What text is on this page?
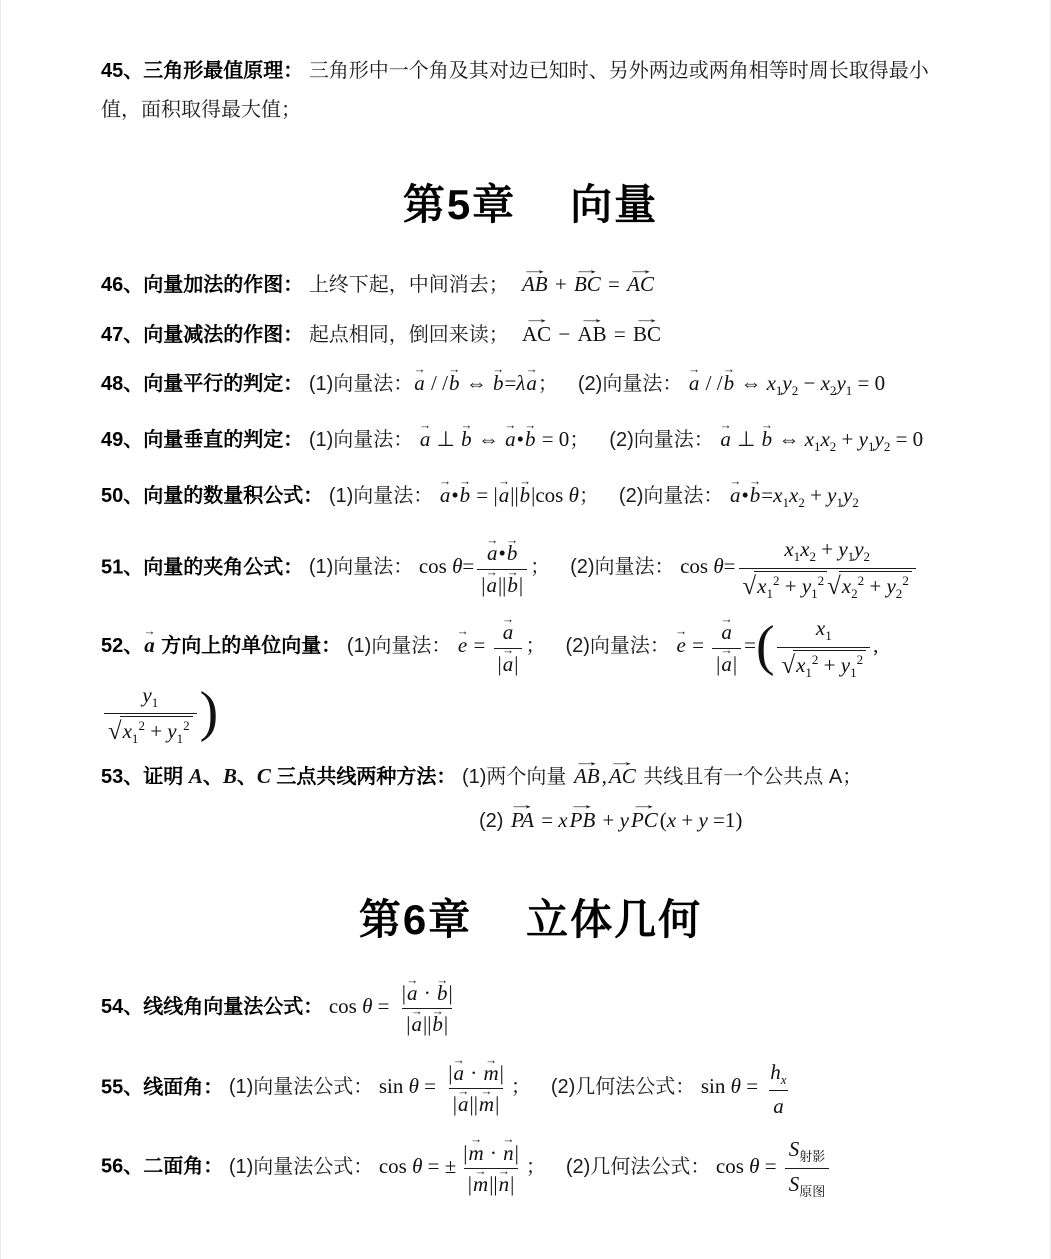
45、三角形最值原理： 三角形中一个角及其对边已知时、另外两边或两角相等时周长取得最小值，面积取得最大值；

第5章 向量

46、向量加法的作图： 上终下起，中间消去；  AB → + BC → = AC →

47、向量减法的作图： 起点相同，倒回来读；  AC → − AB → = BC →

48、向量平行的判定： (1)向量法：a → / /b → ⇔ b →=λa →； (2)向量法： a → / /b → ⇔ $x_1y_2 - x_2y_1 = 0$

49、向量垂直的判定： (1)向量法： a → ⊥ b → ⇔ a →•b → = 0； (2)向量法： a → ⊥ b → ⇔ $x_1x_2 + y_1y_2 = 0$

50、向量的数量积公式： (1)向量法： a →•b → = |a →||b →|cos θ； (2)向量法： a →•b $\to=x_1x_2 + y_1y_2$

51、向量的夹角公式： (1)向量法： $\cos \theta= \frac{a \to•b \to}{|a \to||b \to|}$ ； (2)向量法： $\cos \theta= \frac{x_1x_2 + y_1y_2}{√x_1^2 + y_1^2 √x_2^2 + y_2^2}$

52、a → 方向上的单位向量： (1)向量法： e → = $\frac{a \to}{|a \to|}$ ； (2)向量法： e → = $\frac{a \to}{|a \to|}$ =( $\frac{x_1}{√x_1^2 + y_1^2}$ ,
$\frac{y_1}{√x_1^2 + y_1^2}$ )

53、证明 A、B、C 三点共线两种方法： (1)两个向量 AB →,AC → 共线且有一个公共点 A；

(2) PA → = xPB → + yPC →(x + y =1)

第6章 立体几何

54、线线角向量法公式： $\cos \theta = \frac{|a \to \cdot b \to|}{|a \to||b \to|}$

55、线面角： (1)向量法公式： $\sin \theta = \frac{|a \to \cdot m \to|}{|a \to||m \to|}$ ； (2)几何法公式： $\sin \theta = \frac{h_x}{a}$

56、二面角： (1)向量法公式： cos θ = ± $\frac{|m \to \cdot n \to|}{|m \to||n \to|}$ ； (2)几何法公式： $\cos \theta = \frac{S_{射影}}{S_{原图}}$
